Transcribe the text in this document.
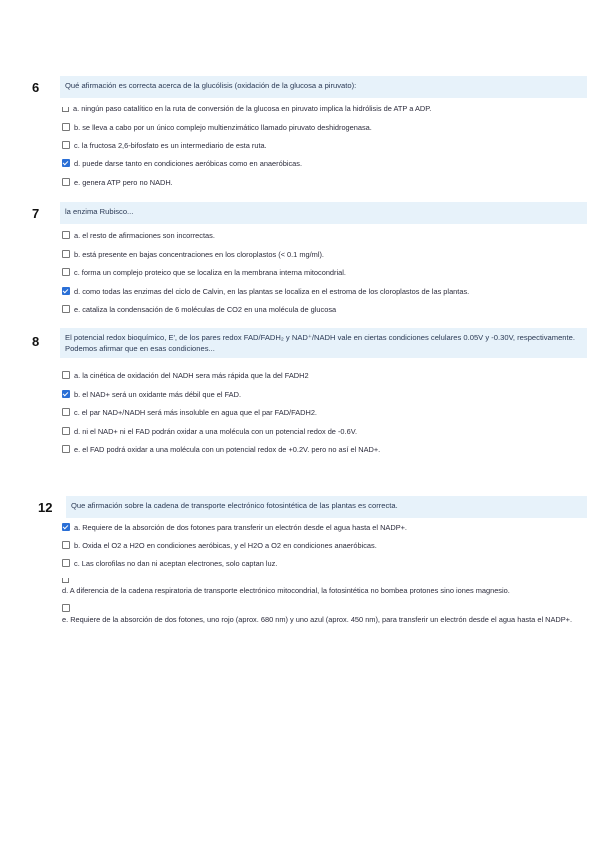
6	Qué afirmación es correcta acerca de la glucólisis (oxidación de la glucosa a piruvato):
a. ningún paso catalítico en la ruta de conversión de la glucosa en piruvato implica la hidrólisis de ATP a ADP.
b. se lleva a cabo por un único complejo multienzimático llamado piruvato deshidrogenasa.
c. la fructosa 2,6-bifosfato es un intermediario de esta ruta.
d. puede darse tanto en condiciones aeróbicas como en anaeróbicas.
e. genera ATP pero no NADH.
7	la enzima Rubisco...
a. el resto de afirmaciones son incorrectas.
b. está presente en bajas concentraciones en los cloroplastos (< 0.1 mg/ml).
c. forma un complejo proteico que se localiza en la membrana interna mitocondrial.
d. como todas las enzimas del ciclo de Calvin, en las plantas se localiza en el estroma de los cloroplastos de las plantas.
e. cataliza la condensación de 6 moléculas de CO2 en una molécula de glucosa
8	El potencial redox bioquímico, E', de los pares redox FAD/FADH₂ y NAD⁺/NADH vale en ciertas condiciones celulares 0.05V y -0.30V, respectivamente. Podemos afirmar que en esas condiciones...
a. la cinética de oxidación del NADH sera más rápida que la del FADH2
b. el NAD+ será un oxidante más débil que el FAD.
c. el par NAD+/NADH será más insoluble en agua que el par FAD/FADH2.
d. ni el NAD+ ni el FAD podrán oxidar a una molécula con un potencial redox de -0.6V.
e. el FAD podrá oxidar a una molécula con un potencial redox de +0.2V. pero no así el NAD+.
12	Que afirmación sobre la cadena de transporte electrónico fotosintética de las plantas es correcta.
a. Requiere de la absorción de dos fotones para transferir un electrón desde el agua hasta el NADP+.
b. Oxida el O2 a H2O en condiciones aeróbicas, y el H2O a O2 en condiciones anaeróbicas.
c. Las clorofilas no dan ni aceptan electrones, solo captan luz.

d. A diferencia de la cadena respiratoria de transporte electrónico mitocondrial, la fotosintética no bombea protones sino iones magnesio.

e. Requiere de la absorción de dos fotones, uno rojo (aprox. 680 nm) y uno azul (aprox. 450 nm), para transferir un electrón desde el agua hasta el NADP+.
